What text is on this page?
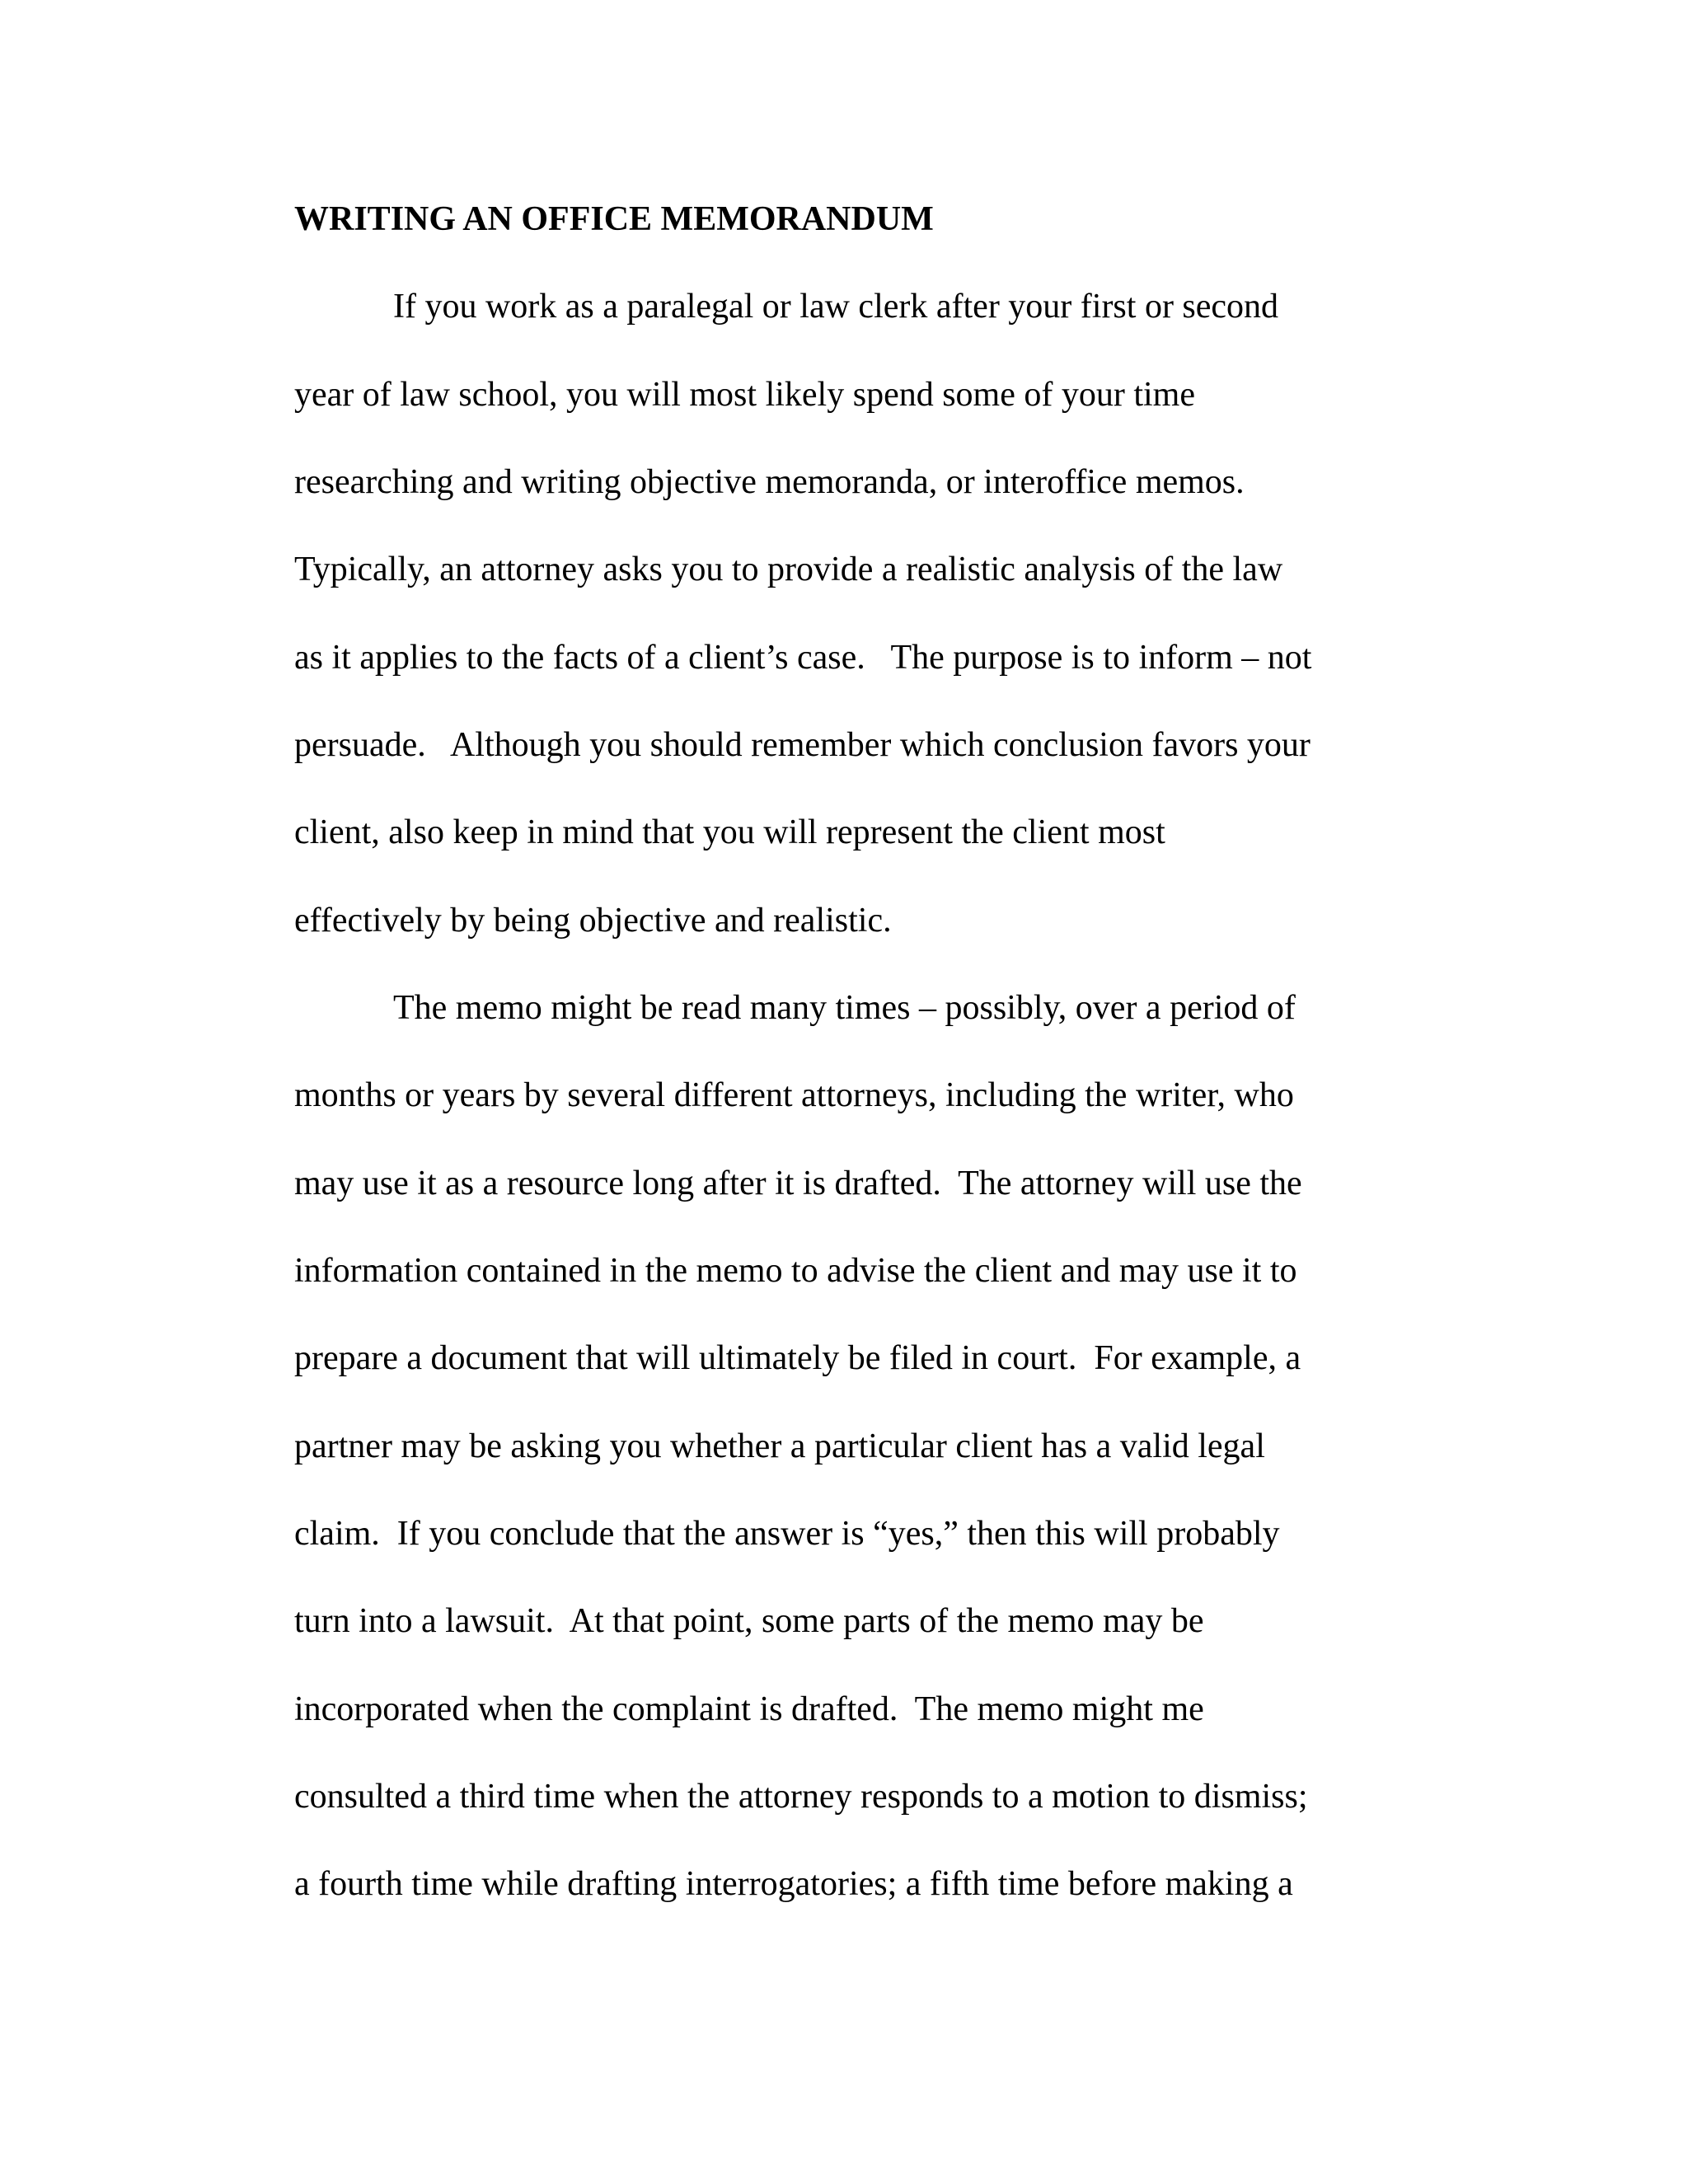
WRITING AN OFFICE MEMORANDUM

If you work as a paralegal or law clerk after your first or second

year of law school, you will most likely spend some of your time

researching and writing objective memoranda, or interoffice memos.

Typically, an attorney asks you to provide a realistic analysis of the law

as it applies to the facts of a client’s case.   The purpose is to inform – not

persuade.   Although you should remember which conclusion favors your

client, also keep in mind that you will represent the client most

effectively by being objective and realistic.

The memo might be read many times – possibly, over a period of

months or years by several different attorneys, including the writer, who

may use it as a resource long after it is drafted.  The attorney will use the

information contained in the memo to advise the client and may use it to

prepare a document that will ultimately be filed in court.  For example, a

partner may be asking you whether a particular client has a valid legal

claim.  If you conclude that the answer is “yes,” then this will probably

turn into a lawsuit.  At that point, some parts of the memo may be

incorporated when the complaint is drafted.  The memo might me

consulted a third time when the attorney responds to a motion to dismiss;

a fourth time while drafting interrogatories; a fifth time before making a
